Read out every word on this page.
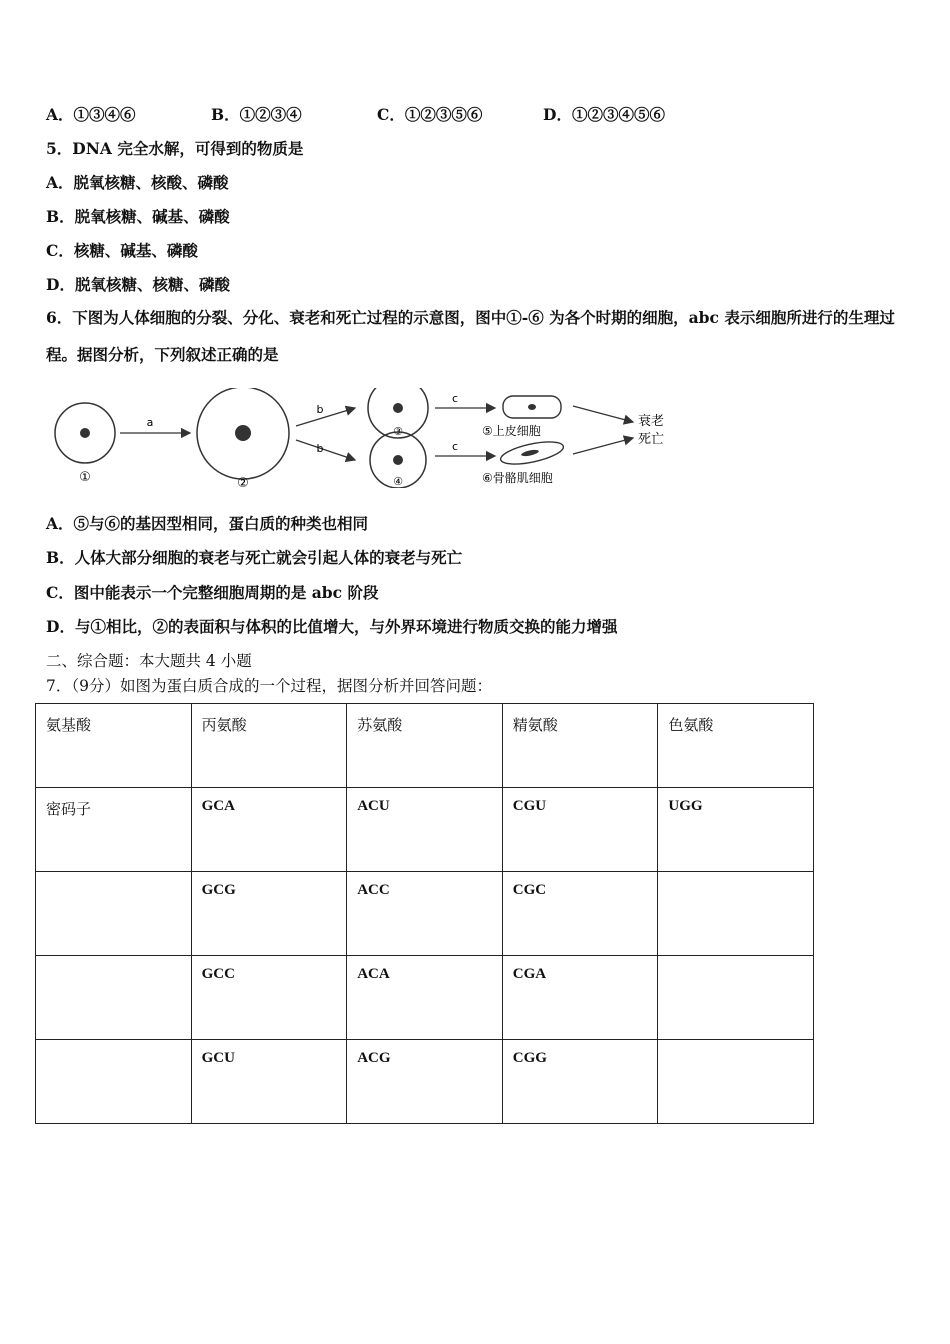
A．①③④⑥	B．①②③④	C．①②③⑤⑥	D．①②③④⑤⑥
5．DNA 完全水解，可得到的物质是
A．脱氧核糖、核酸、磷酸
B．脱氧核糖、碱基、磷酸
C．核糖、碱基、磷酸
D．脱氧核糖、核糖、磷酸
6．下图为人体细胞的分裂、分化、衰老和死亡过程的示意图，图中①-⑥ 为各个时期的细胞，abc 表示细胞所进行的生理过程。据图分析，下列叙述正确的是
①
a
②
b
b
③
④
c
c
⑤上皮细胞
⑥骨骼肌细胞
衰老
死亡
A．⑤与⑥的基因型相同，蛋白质的种类也相同
B．人体大部分细胞的衰老与死亡就会引起人体的衰老与死亡
C．图中能表示一个完整细胞周期的是 abc 阶段
D．与①相比，②的表面积与体积的比值增大，与外界环境进行物质交换的能力增强
二、综合题：本大题共 4 小题
7．（9分）如图为蛋白质合成的一个过程，据图分析并回答问题：
氨基酸	丙氨酸	苏氨酸	精氨酸	色氨酸
密码子	GCA	ACU	CGU	UGG
	GCG	ACC	CGC	
	GCC	ACA	CGA	
	GCU	ACG	CGG	
